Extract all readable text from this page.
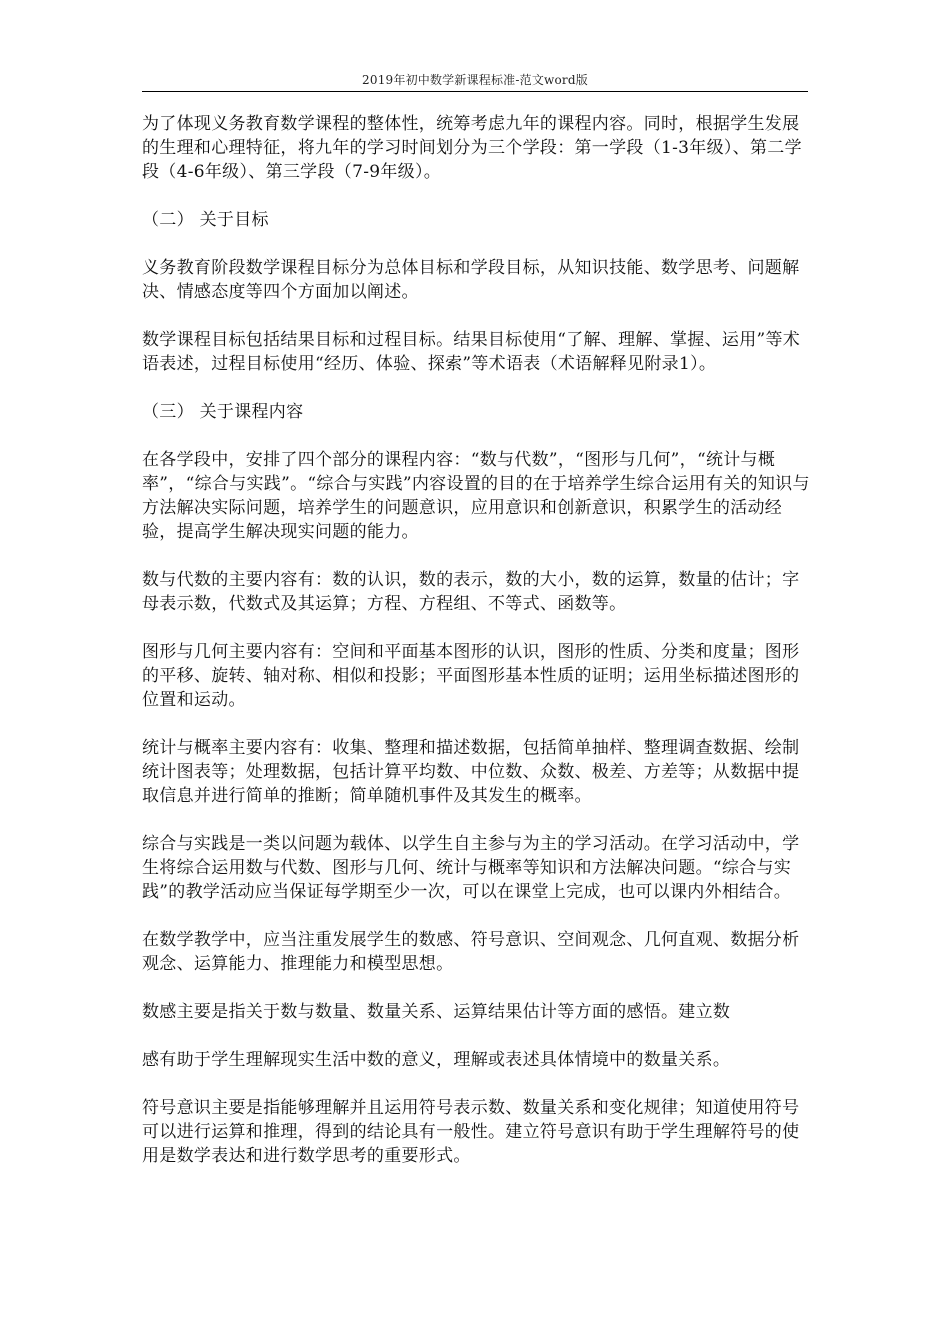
2019年初中数学新课程标准-范文word版

为了体现义务教育数学课程的整体性，统筹考虑九年的课程内容。同时，根据学生发展的生理和心理特征，将九年的学习时间划分为三个学段：第一学段（1-3年级）、第二学段（4-6年级）、第三学段（7-9年级）。

（二） 关于目标

义务教育阶段数学课程目标分为总体目标和学段目标，从知识技能、数学思考、问题解决、情感态度等四个方面加以阐述。

数学课程目标包括结果目标和过程目标。结果目标使用“了解、理解、掌握、运用”等术语表述，过程目标使用“经历、体验、探索”等术语表（术语解释见附录1）。

（三） 关于课程内容

在各学段中，安排了四个部分的课程内容：“数与代数”，“图形与几何”，“统计与概率”，“综合与实践”。“综合与实践”内容设置的目的在于培养学生综合运用有关的知识与方法解决实际问题，培养学生的问题意识，应用意识和创新意识，积累学生的活动经验，提高学生解决现实问题的能力。

数与代数的主要内容有：数的认识，数的表示，数的大小，数的运算，数量的估计；字母表示数，代数式及其运算；方程、方程组、不等式、函数等。

图形与几何主要内容有：空间和平面基本图形的认识，图形的性质、分类和度量；图形的平移、旋转、轴对称、相似和投影；平面图形基本性质的证明；运用坐标描述图形的位置和运动。

统计与概率主要内容有：收集、整理和描述数据，包括简单抽样、整理调查数据、绘制统计图表等；处理数据，包括计算平均数、中位数、众数、极差、方差等；从数据中提取信息并进行简单的推断；简单随机事件及其发生的概率。

综合与实践是一类以问题为载体、以学生自主参与为主的学习活动。在学习活动中，学生将综合运用数与代数、图形与几何、统计与概率等知识和方法解决问题。“综合与实践”的教学活动应当保证每学期至少一次，可以在课堂上完成，也可以课内外相结合。

在数学教学中，应当注重发展学生的数感、符号意识、空间观念、几何直观、数据分析观念、运算能力、推理能力和模型思想。

数感主要是指关于数与数量、数量关系、运算结果估计等方面的感悟。建立数

感有助于学生理解现实生活中数的意义，理解或表述具体情境中的数量关系。

符号意识主要是指能够理解并且运用符号表示数、数量关系和变化规律；知道使用符号可以进行运算和推理，得到的结论具有一般性。建立符号意识有助于学生理解符号的使用是数学表达和进行数学思考的重要形式。
